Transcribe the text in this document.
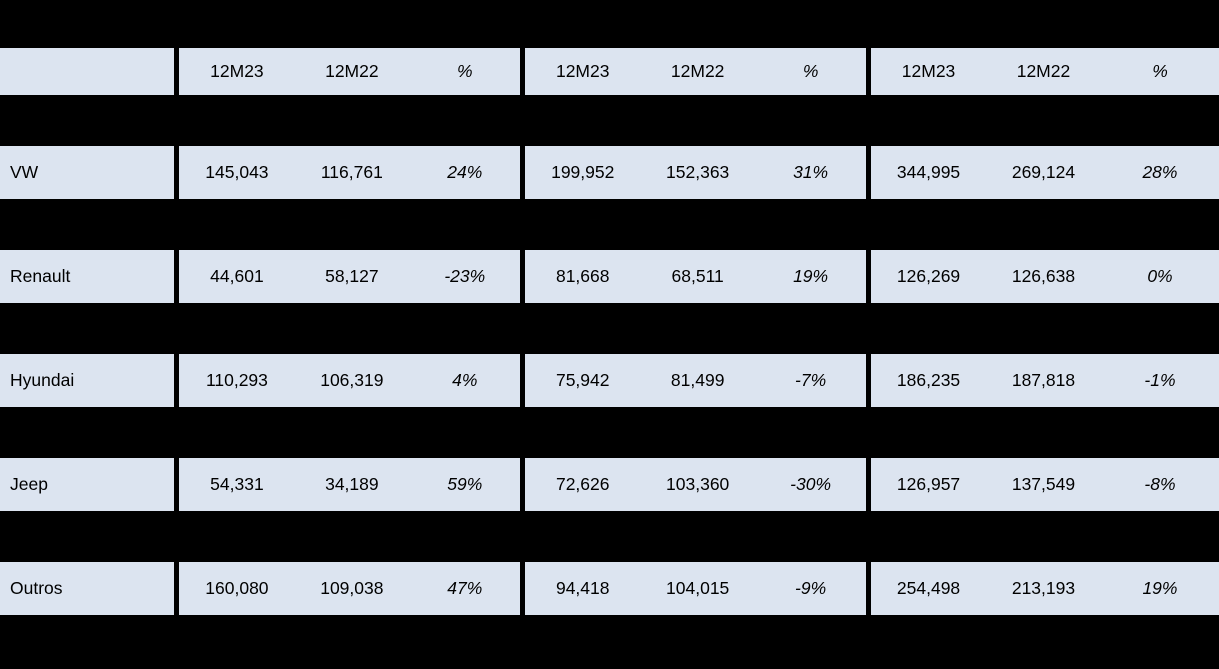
		12M23	12M22	%		12M23	12M22	%		12M23	12M22	%

VW		145,043	116,761	24%		199,952	152,363	31%		344,995	269,124	28%

Renault		44,601	58,127	-23%		81,668	68,511	19%		126,269	126,638	0%

Hyundai		110,293	106,319	4%		75,942	81,499	-7%		186,235	187,818	-1%

Jeep		54,331	34,189	59%		72,626	103,360	-30%		126,957	137,549	-8%

Outros		160,080	109,038	47%		94,418	104,015	-9%		254,498	213,193	19%
